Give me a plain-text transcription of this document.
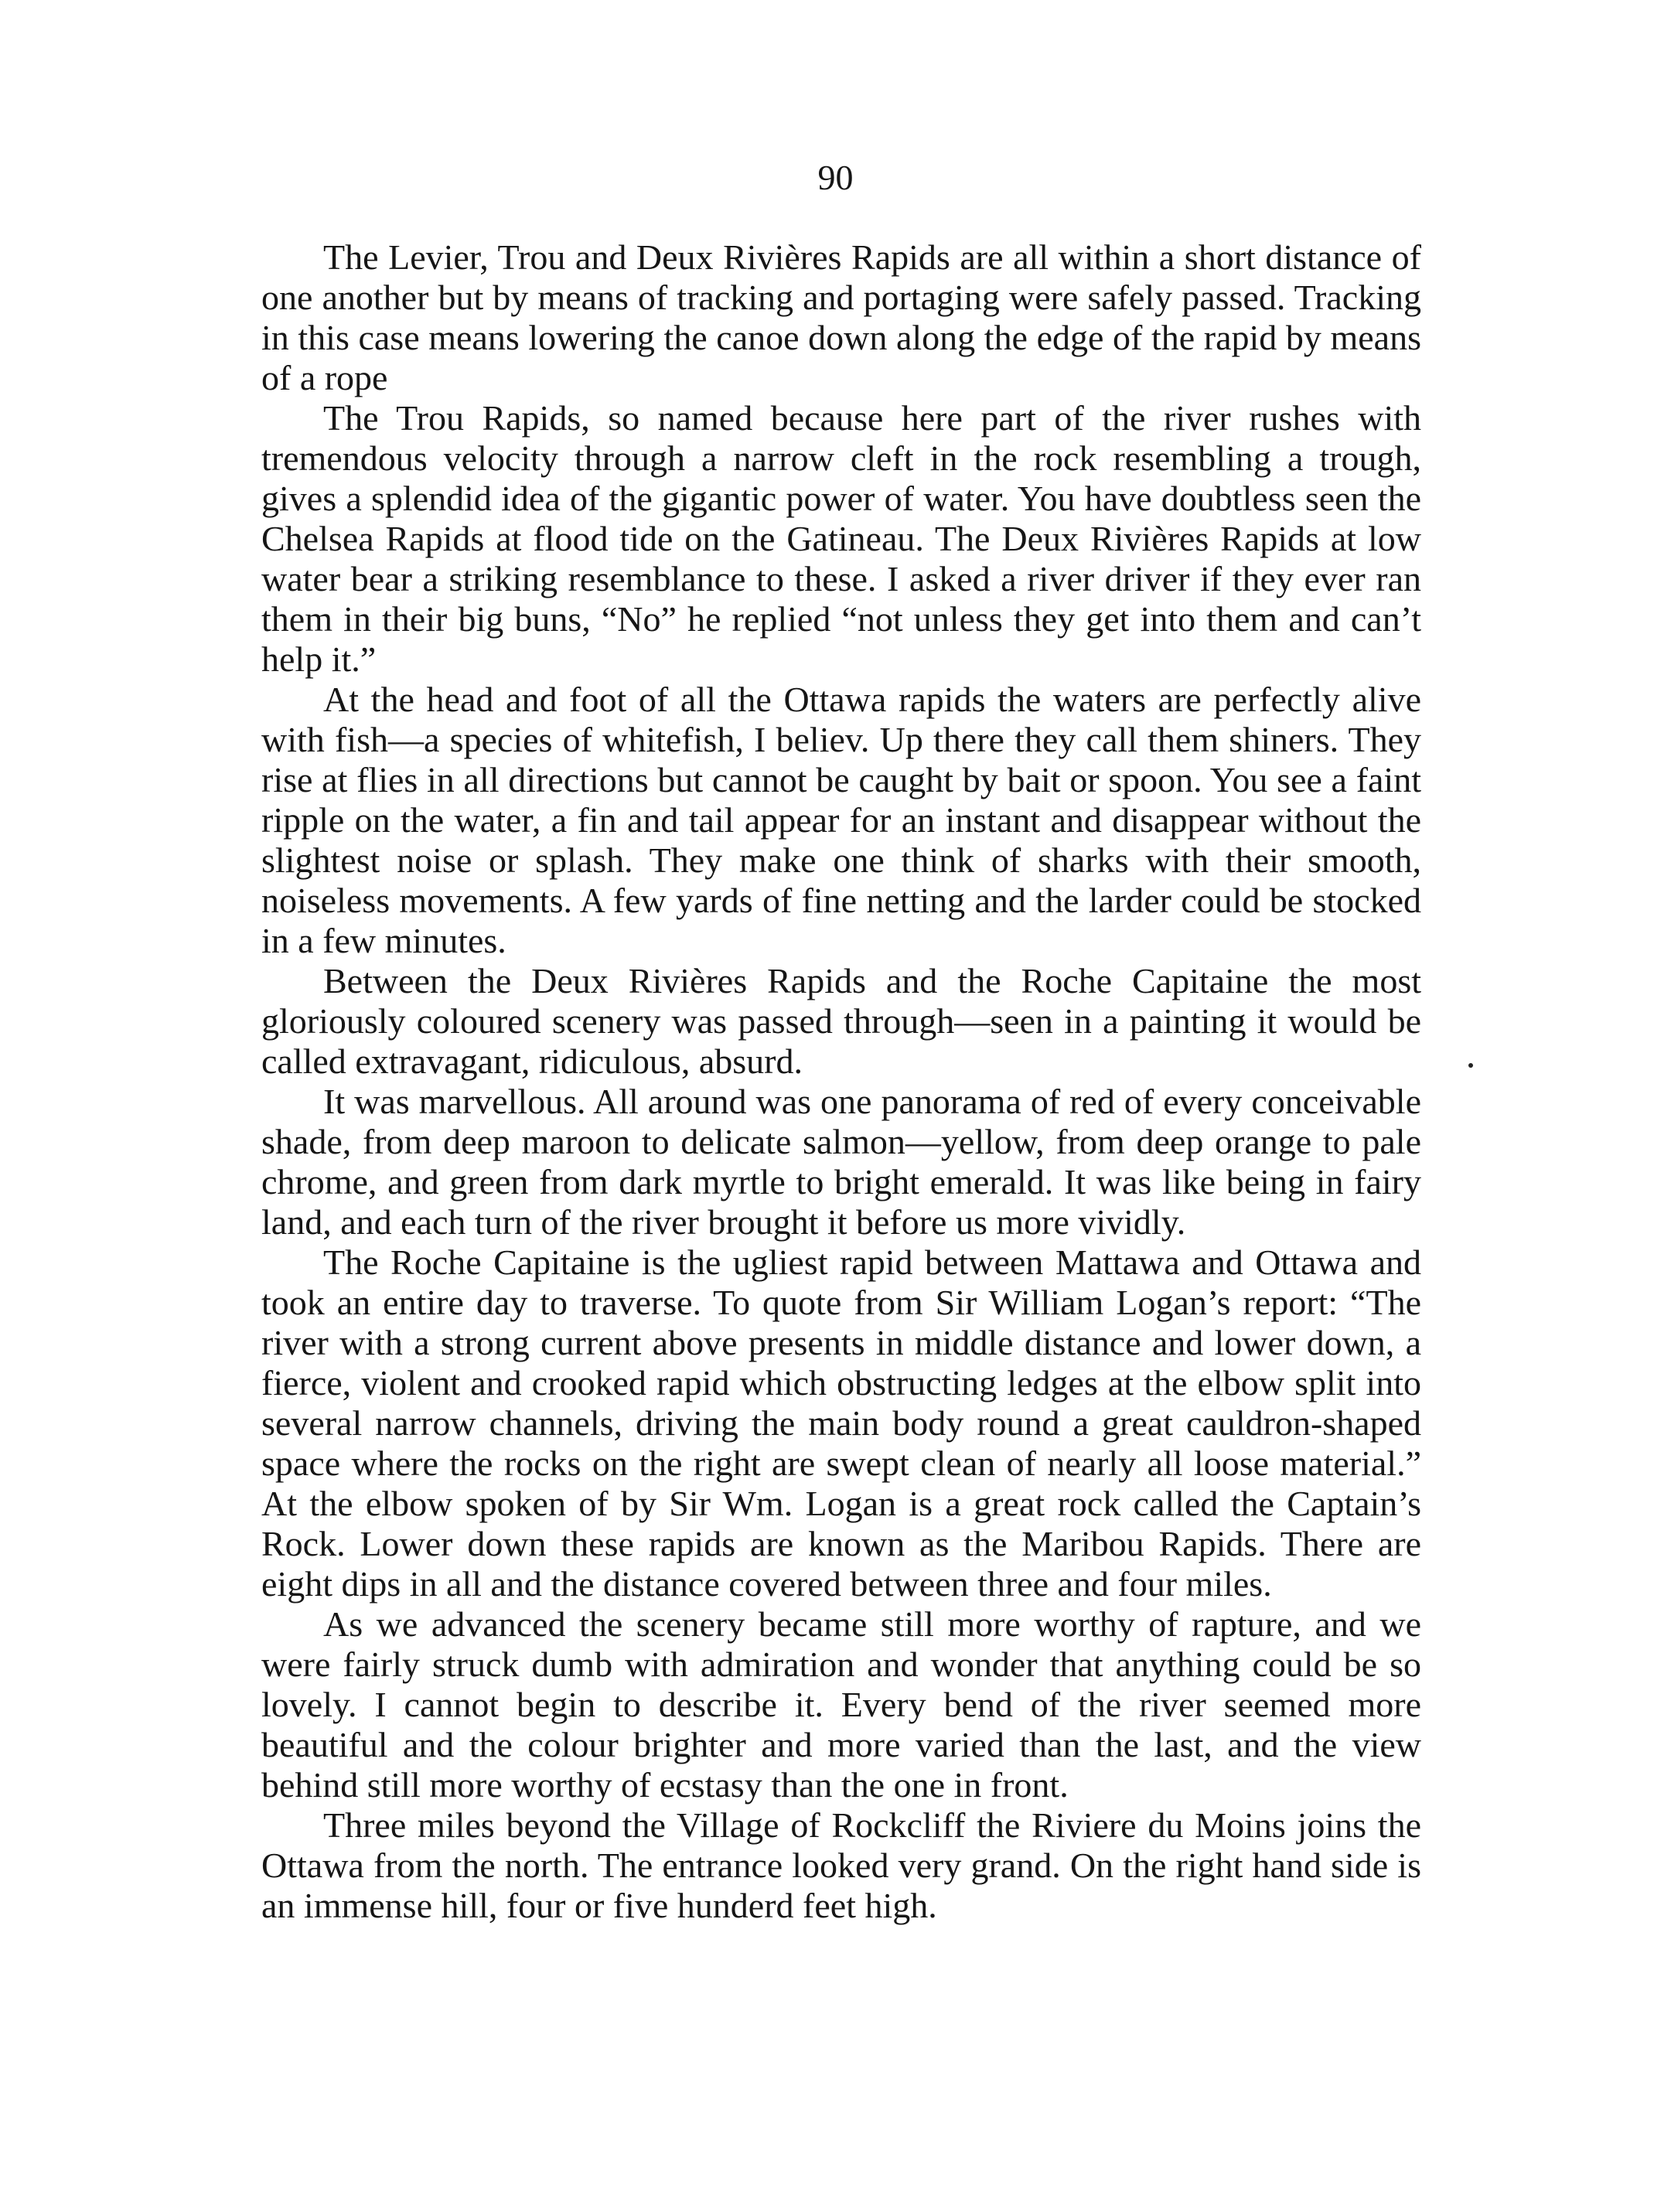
90

The Levier, Trou and Deux Rivières Rapids are all within a short distance of one another but by means of tracking and portaging were safely passed. Tracking in this case means lowering the canoe down along the edge of the rapid by means of a rope

The Trou Rapids, so named because here part of the river rushes with tremendous velocity through a narrow cleft in the rock resembling a trough, gives a splendid idea of the gigantic power of water. You have doubtless seen the Chelsea Rapids at flood tide on the Gatineau. The Deux Rivières Rapids at low water bear a striking resemblance to these. I asked a river driver if they ever ran them in their big buns, “No” he replied “not unless they get into them and can’t help it.”

At the head and foot of all the Ottawa rapids the waters are perfectly alive with fish—a species of whitefish, I believ. Up there they call them shiners. They rise at flies in all directions but cannot be caught by bait or spoon. You see a faint ripple on the water, a fin and tail appear for an instant and disappear without the slightest noise or splash. They make one think of sharks with their smooth, noiseless movements. A few yards of fine netting and the larder could be stocked in a few minutes.

Between the Deux Rivières Rapids and the Roche Capitaine the most gloriously coloured scenery was passed through—seen in a painting it would be called extravagant, ridiculous, absurd.

It was marvellous. All around was one panorama of red of every conceivable shade, from deep maroon to delicate salmon—yellow, from deep orange to pale chrome, and green from dark myrtle to bright emerald. It was like being in fairy land, and each turn of the river brought it before us more vividly.

The Roche Capitaine is the ugliest rapid between Mattawa and Ottawa and took an entire day to traverse. To quote from Sir William Logan’s report: “The river with a strong current above presents in middle distance and lower down, a fierce, violent and crooked rapid which obstructing ledges at the elbow split into several narrow channels, driving the main body round a great cauldron-shaped space where the rocks on the right are swept clean of nearly all loose material.” At the elbow spoken of by Sir Wm. Logan is a great rock called the Captain’s Rock. Lower down these rapids are known as the Maribou Rapids. There are eight dips in all and the distance covered between three and four miles.

As we advanced the scenery became still more worthy of rapture, and we were fairly struck dumb with admiration and wonder that anything could be so lovely. I cannot begin to describe it. Every bend of the river seemed more beautiful and the colour brighter and more varied than the last, and the view behind still more worthy of ecstasy than the one in front.

Three miles beyond the Village of Rockcliff the Riviere du Moins joins the Ottawa from the north. The entrance looked very grand. On the right hand side is an immense hill, four or five hunderd feet high.
